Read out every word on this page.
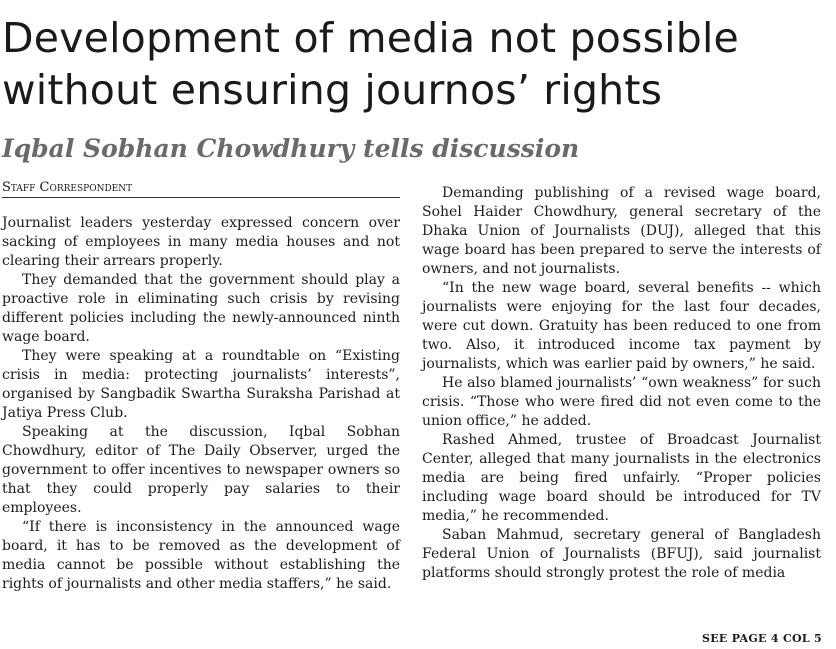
Development of media not possible without ensuring journos’ rights
Iqbal Sobhan Chowdhury tells discussion
Staff Correspondent

Journalist leaders yesterday expressed concern over sacking of employees in many media houses and not clearing their arrears properly.

They demanded that the government should play a proactive role in eliminating such crisis by revising different policies including the newly-announced ninth wage board.

They were speaking at a roundtable on “Existing crisis in media: protecting journalists’ interests”, organised by Sangbadik Swartha Suraksha Parishad at Jatiya Press Club.

Speaking at the discussion, Iqbal Sobhan Chowdhury, editor of The Daily Observer, urged the government to offer incentives to newspaper owners so that they could properly pay salaries to their employees.

“If there is inconsistency in the announced wage board, it has to be removed as the development of media cannot be possible without establishing the rights of journalists and other media staffers,” he said.

Demanding publishing of a revised wage board, Sohel Haider Chowdhury, general secretary of the Dhaka Union of Journalists (DUJ), alleged that this wage board has been prepared to serve the interests of owners, and not journalists.

“In the new wage board, several benefits -- which journalists were enjoying for the last four decades, were cut down. Gratuity has been reduced to one from two. Also, it introduced income tax payment by journalists, which was earlier paid by owners,” he said.

He also blamed journalists’ “own weakness” for such crisis. “Those who were fired did not even come to the union office,” he added.

Rashed Ahmed, trustee of Broadcast Journalist Center, alleged that many journalists in the electronics media are being fired unfairly. “Proper policies including wage board should be introduced for TV media,” he recommended.

Saban Mahmud, secretary general of Bangladesh Federal Union of Journalists (BFUJ), said journalist platforms should strongly protest the role of media

SEE PAGE 4 COL 5
